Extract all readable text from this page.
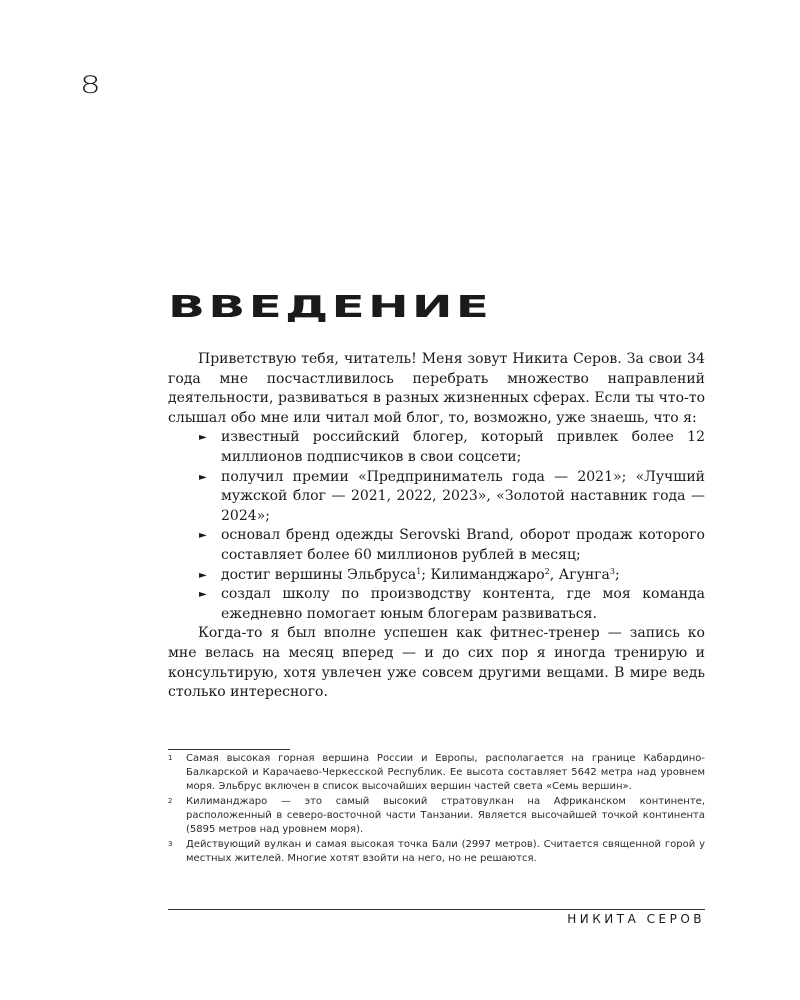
8
ВВЕДЕНИЕ

Приветствую тебя, читатель! Меня зовут Никита Серов. За свои 34 года мне посчастливилось перебрать множество направлений деятельности, развиваться в разных жизненных сферах. Если ты что-то слышал обо мне или читал мой блог, то, возможно, уже знаешь, что я:

► известный российский блогер, который привлек более 12 миллионов подписчиков в свои соцсети;
► получил премии «Предприниматель года — 2021»; «Лучший мужской блог — 2021, 2022, 2023», «Золотой наставник года — 2024»;
► основал бренд одежды Serovski Brand, оборот продаж которого составляет более 60 миллионов рублей в месяц;
► достиг вершины Эльбруса$^1$; Килиманджаро$^2$, Агунга$^3$;
► создал школу по производству контента, где моя команда ежедневно помогает юным блогерам развиваться.

Когда-то я был вполне успешен как фитнес-тренер — запись ко мне велась на месяц вперед — и до сих пор я иногда тренирую и консультирую, хотя увлечен уже совсем другими вещами. В мире ведь столько интересного.

1 Самая высокая горная вершина России и Европы, располагается на границе Кабардино-Балкарской и Карачаево-Черкесской Республик. Ее высота составляет 5642 метра над уровнем моря. Эльбрус включен в список высочайших вершин частей света «Семь вершин».
2 Килиманджаро — это самый высокий стратовулкан на Африканском континенте, расположенный в северо-восточной части Танзании. Является высочайшей точкой континента (5895 метров над уровнем моря).
3 Действующий вулкан и самая высокая точка Бали (2997 метров). Считается священной горой у местных жителей. Многие хотят взойти на него, но не решаются.
НИКИТА СЕРОВ
